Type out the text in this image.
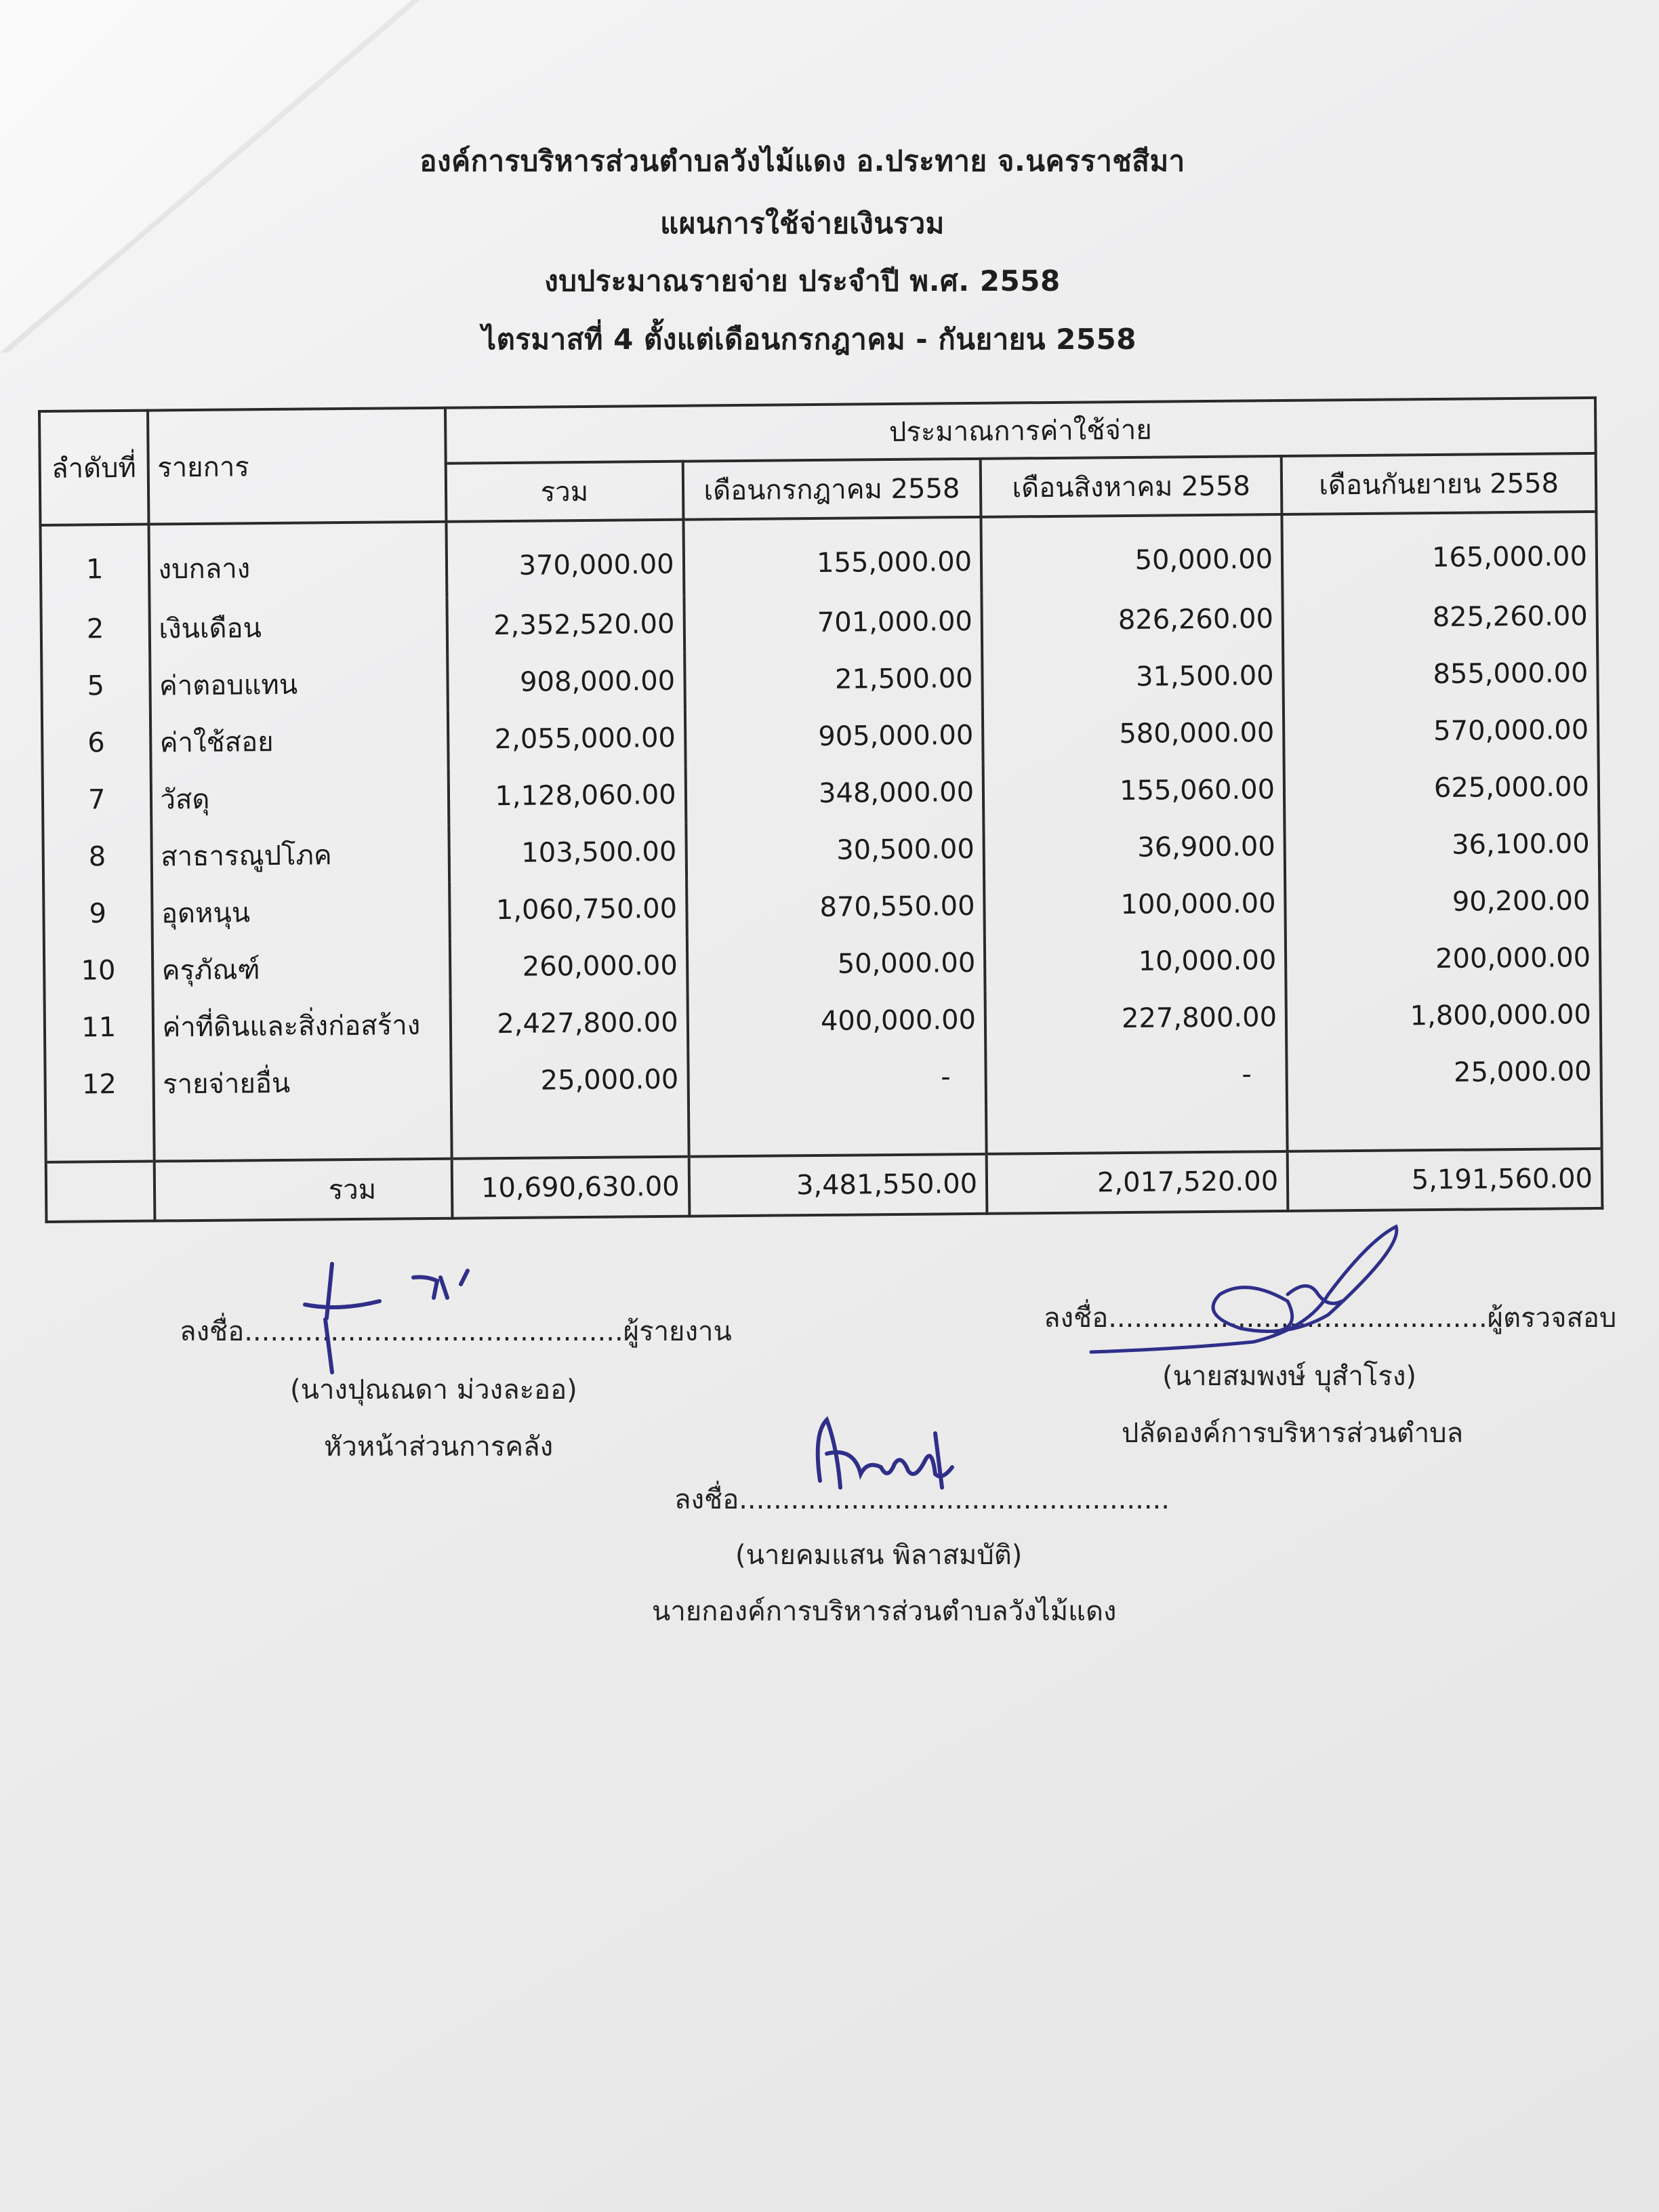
องค์การบริหารส่วนตำบลวังไม้แดง อ.ประทาย จ.นครราชสีมา
แผนการใช้จ่ายเงินรวม
งบประมาณรายจ่าย ประจำปี พ.ศ. 2558
ไตรมาสที่ 4 ตั้งแต่เดือนกรกฎาคม - กันยายน 2558
ลำดับที่	รายการ	ประมาณการค่าใช้จ่าย			
		รวม	เดือนกรกฎาคม 2558	เดือนสิงหาคม 2558	เดือนกันยายน 2558
1	งบกลาง	370,000.00	155,000.00	50,000.00	165,000.00
2	เงินเดือน	2,352,520.00	701,000.00	826,260.00	825,260.00
5	ค่าตอบแทน	908,000.00	21,500.00	31,500.00	855,000.00
6	ค่าใช้สอย	2,055,000.00	905,000.00	580,000.00	570,000.00
7	วัสดุ	1,128,060.00	348,000.00	155,060.00	625,000.00
8	สาธารณูปโภค	103,500.00	30,500.00	36,900.00	36,100.00
9	อุดหนุน	1,060,750.00	870,550.00	100,000.00	90,200.00
10	ครุภัณฑ์	260,000.00	50,000.00	10,000.00	200,000.00
11	ค่าที่ดินและสิ่งก่อสร้าง	2,427,800.00	400,000.00	227,800.00	1,800,000.00
12	รายจ่ายอื่น	25,000.00	-	-	25,000.00

	รวม	10,690,630.00	3,481,550.00	2,017,520.00	5,191,560.00
ลงชื่อ............................................ผู้รายงาน
(นางปุณณดา ม่วงละออ)
หัวหน้าส่วนการคลัง
ลงชื่อ............................................ผู้ตรวจสอบ
(นายสมพงษ์ บุสำโรง)
ปลัดองค์การบริหารส่วนตำบล
ลงชื่อ..................................................
(นายคมแสน พิลาสมบัติ)
นายกองค์การบริหารส่วนตำบลวังไม้แดง
